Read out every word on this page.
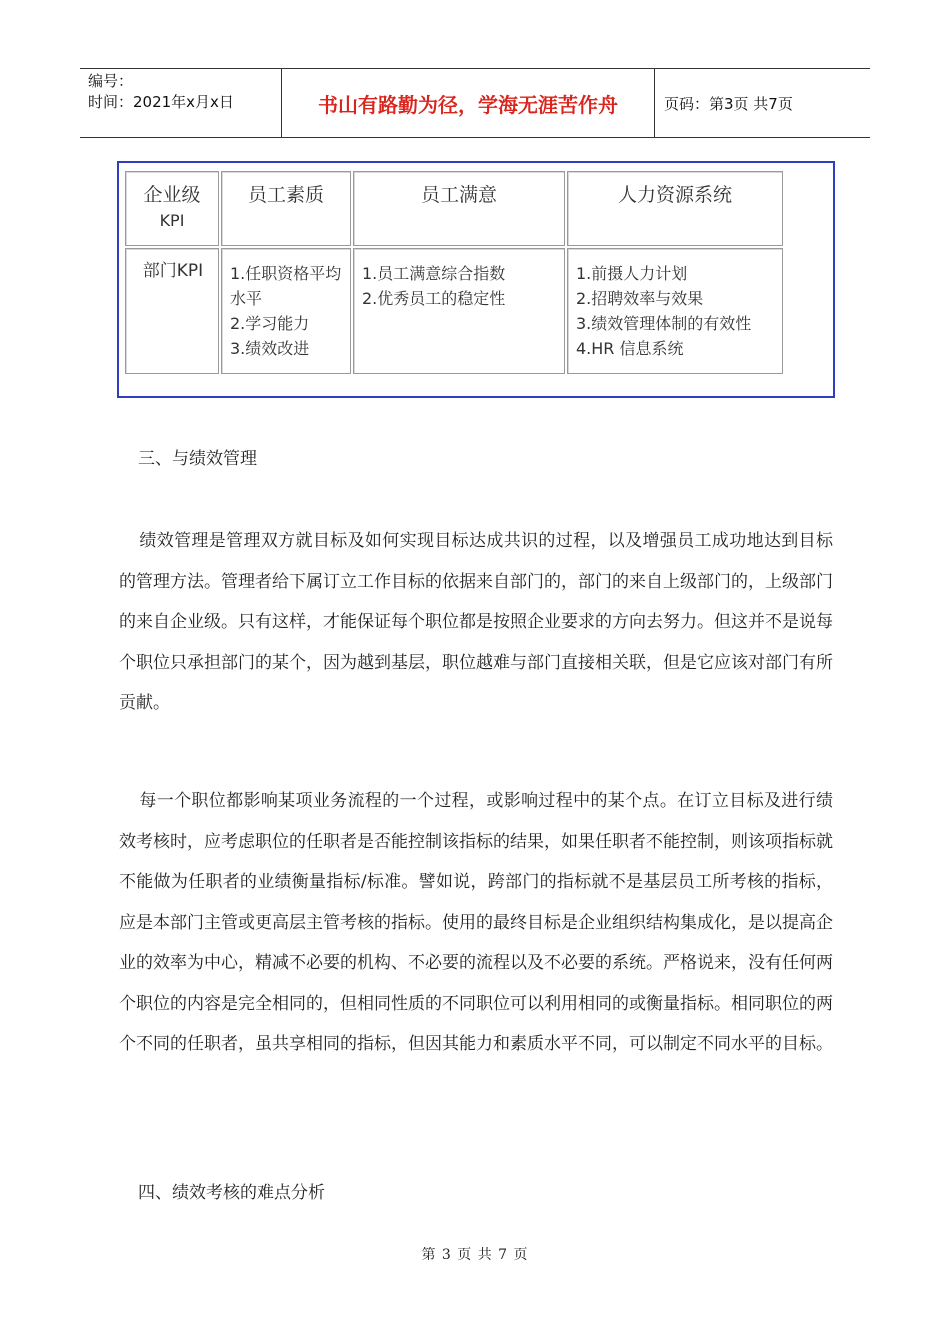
编号：
时间：2021年x月x日	书山有路勤为径，学海无涯苦作舟	页码：第3页 共7页
企业级
KPI	员工素质	员工满意	人力资源系统
部门KPI	1.任职资格平均
水平
2.学习能力
3.绩效改进	1.员工满意综合指数
2.优秀员工的稳定性	1.前摄人力计划
2.招聘效率与效果
3.绩效管理体制的有效性
4.HR 信息系统
三、与绩效管理
绩效管理是管理双方就目标及如何实现目标达成共识的过程，以及增强员工成功地达到目标的管理方法。管理者给下属订立工作目标的依据来自部门的，部门的来自上级部门的，上级部门的来自企业级。只有这样，才能保证每个职位都是按照企业要求的方向去努力。但这并不是说每个职位只承担部门的某个，因为越到基层，职位越难与部门直接相关联，但是它应该对部门有所贡献。
每一个职位都影响某项业务流程的一个过程，或影响过程中的某个点。在订立目标及进行绩效考核时，应考虑职位的任职者是否能控制该指标的结果，如果任职者不能控制，则该项指标就不能做为任职者的业绩衡量指标/标准。譬如说，跨部门的指标就不是基层员工所考核的指标，应是本部门主管或更高层主管考核的指标。使用的最终目标是企业组织结构集成化，是以提高企业的效率为中心，精减不必要的机构、不必要的流程以及不必要的系统。严格说来，没有任何两个职位的内容是完全相同的，但相同性质的不同职位可以利用相同的或衡量指标。相同职位的两个不同的任职者，虽共享相同的指标，但因其能力和素质水平不同，可以制定不同水平的目标。
四、绩效考核的难点分析
第 3 页 共 7 页
